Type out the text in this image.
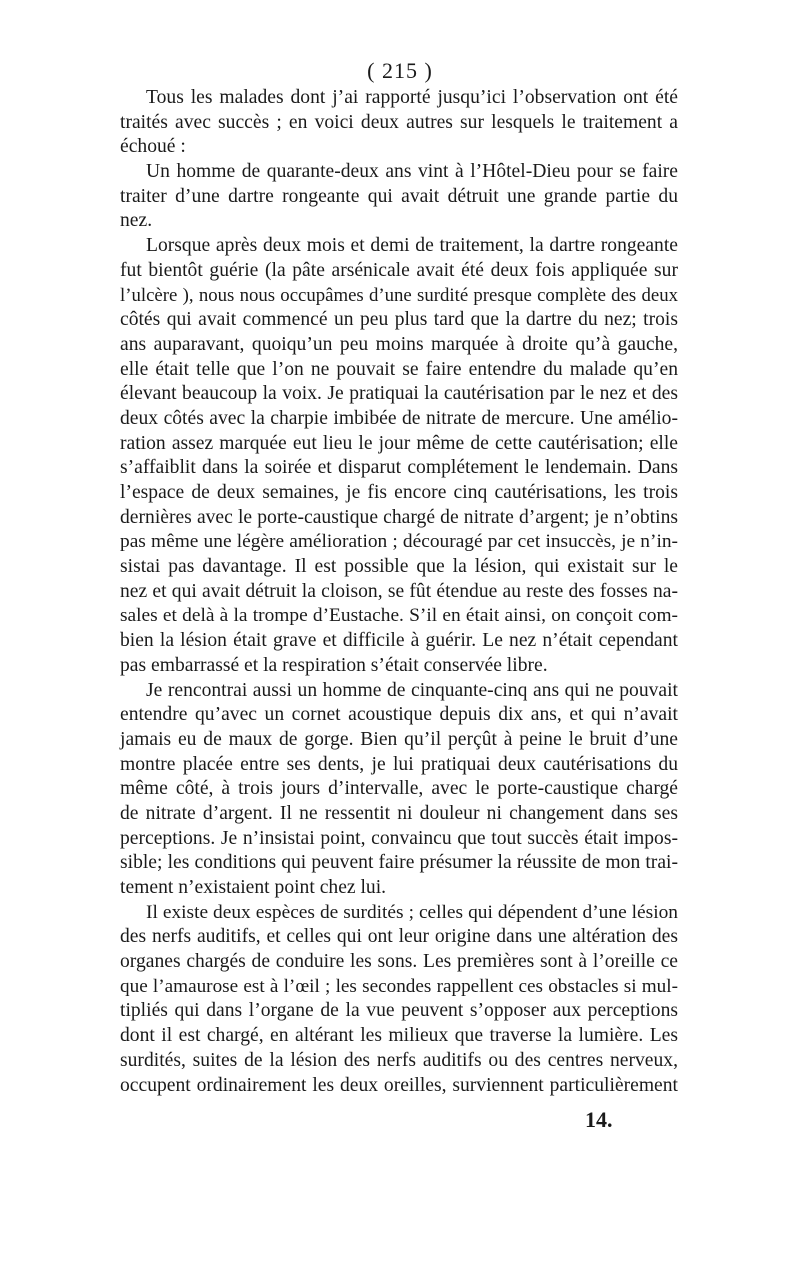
( 215 )
Tous les malades dont j’ai rapporté jusqu’ici l’observation ont été
traités avec succès ; en voici deux autres sur lesquels le traitement a
échoué :
Un homme de quarante-deux ans vint à l’Hôtel-Dieu pour se faire
traiter d’une dartre rongeante qui avait détruit une grande partie du
nez.
Lorsque après deux mois et demi de traitement, la dartre rongeante
fut bientôt guérie (la pâte arsénicale avait été deux fois appliquée sur
l’ulcère ), nous nous occupâmes d’une surdité presque complète des deux
côtés qui avait commencé un peu plus tard que la dartre du nez; trois
ans auparavant, quoiqu’un peu moins marquée à droite qu’à gauche,
elle était telle que l’on ne pouvait se faire entendre du malade qu’en
élevant beaucoup la voix. Je pratiquai la cautérisation par le nez et des
deux côtés avec la charpie imbibée de nitrate de mercure. Une amélio-
ration assez marquée eut lieu le jour même de cette cautérisation; elle
s’affaiblit dans la soirée et disparut complétement le lendemain. Dans
l’espace de deux semaines, je fis encore cinq cautérisations, les trois
dernières avec le porte-caustique chargé de nitrate d’argent; je n’obtins
pas même une légère amélioration ; découragé par cet insuccès, je n’in-
sistai pas davantage. Il est possible que la lésion, qui existait sur le
nez et qui avait détruit la cloison, se fût étendue au reste des fosses na-
sales et delà à la trompe d’Eustache. S’il en était ainsi, on conçoit com-
bien la lésion était grave et difficile à guérir. Le nez n’était cependant
pas embarrassé et la respiration s’était conservée libre.
Je rencontrai aussi un homme de cinquante-cinq ans qui ne pouvait
entendre qu’avec un cornet acoustique depuis dix ans, et qui n’avait
jamais eu de maux de gorge. Bien qu’il perçût à peine le bruit d’une
montre placée entre ses dents, je lui pratiquai deux cautérisations du
même côté, à trois jours d’intervalle, avec le porte-caustique chargé
de nitrate d’argent. Il ne ressentit ni douleur ni changement dans ses
perceptions. Je n’insistai point, convaincu que tout succès était impos-
sible; les conditions qui peuvent faire présumer la réussite de mon trai-
tement n’existaient point chez lui.
Il existe deux espèces de surdités ; celles qui dépendent d’une lésion
des nerfs auditifs, et celles qui ont leur origine dans une altération des
organes chargés de conduire les sons. Les premières sont à l’oreille ce
que l’amaurose est à l’œil ; les secondes rappellent ces obstacles si mul-
tipliés qui dans l’organe de la vue peuvent s’opposer aux perceptions
dont il est chargé, en altérant les milieux que traverse la lumière. Les
surdités, suites de la lésion des nerfs auditifs ou des centres nerveux,
occupent ordinairement les deux oreilles, surviennent particulièrement
14.
